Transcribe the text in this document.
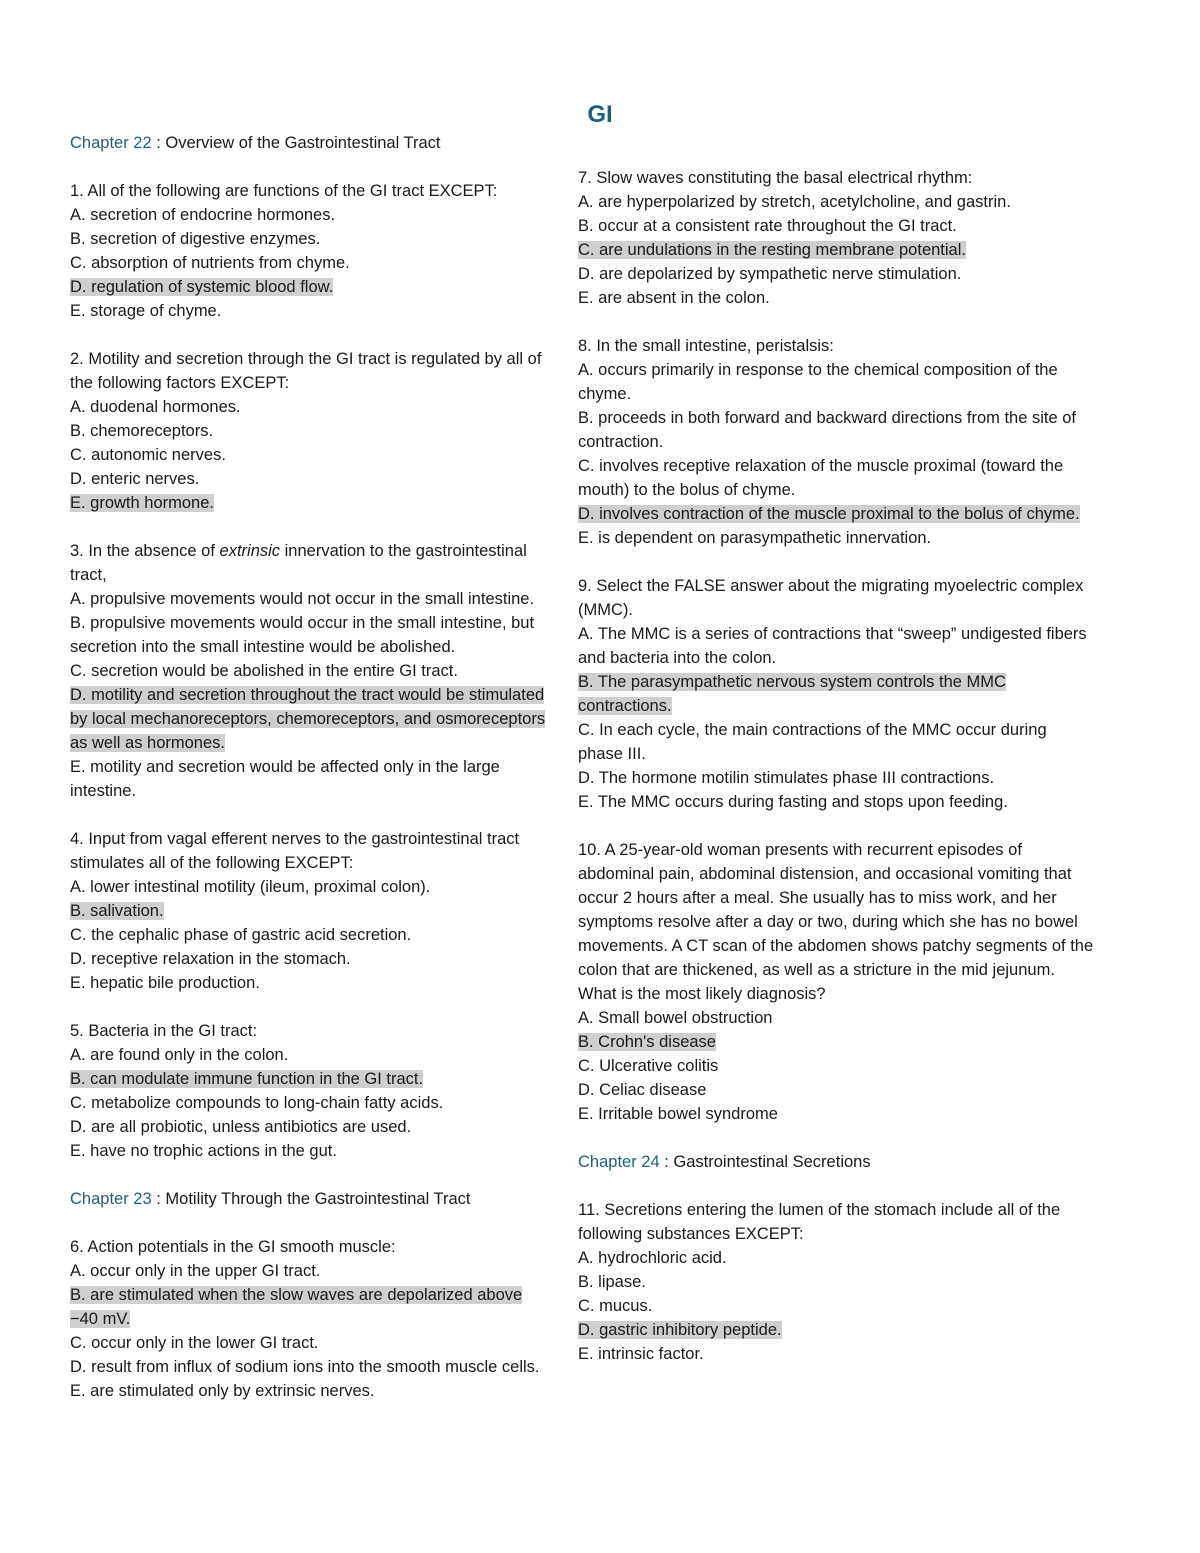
GI

Chapter 22 : Overview of the Gastrointestinal Tract

1. All of the following are functions of the GI tract EXCEPT:

A. secretion of endocrine hormones.

B. secretion of digestive enzymes.

C. absorption of nutrients from chyme.

D. regulation of systemic blood flow.

E. storage of chyme.

2. Motility and secretion through the GI tract is regulated by all of the following factors EXCEPT:

A. duodenal hormones.

B. chemoreceptors.

C. autonomic nerves.

D. enteric nerves.

E. growth hormone.

3. In the absence of extrinsic innervation to the gastrointestinal tract,

A. propulsive movements would not occur in the small intestine.

B. propulsive movements would occur in the small intestine, but secretion into the small intestine would be abolished.

C. secretion would be abolished in the entire GI tract.

D. motility and secretion throughout the tract would be stimulated by local mechanoreceptors, chemoreceptors, and osmoreceptors as well as hormones.

E. motility and secretion would be affected only in the large intestine.

4. Input from vagal efferent nerves to the gastrointestinal tract stimulates all of the following EXCEPT:

A. lower intestinal motility (ileum, proximal colon).

B. salivation.

C. the cephalic phase of gastric acid secretion.

D. receptive relaxation in the stomach.

E. hepatic bile production.

5. Bacteria in the GI tract:

A. are found only in the colon.

B. can modulate immune function in the GI tract.

C. metabolize compounds to long-chain fatty acids.

D. are all probiotic, unless antibiotics are used.

E. have no trophic actions in the gut.

Chapter 23 : Motility Through the Gastrointestinal Tract

6. Action potentials in the GI smooth muscle:

A. occur only in the upper GI tract.

B. are stimulated when the slow waves are depolarized above −40 mV.

C. occur only in the lower GI tract.

D. result from influx of sodium ions into the smooth muscle cells.

E. are stimulated only by extrinsic nerves.

7. Slow waves constituting the basal electrical rhythm:

A. are hyperpolarized by stretch, acetylcholine, and gastrin.

B. occur at a consistent rate throughout the GI tract.

C. are undulations in the resting membrane potential.

D. are depolarized by sympathetic nerve stimulation.

E. are absent in the colon.

8. In the small intestine, peristalsis:

A. occurs primarily in response to the chemical composition of the chyme.

B. proceeds in both forward and backward directions from the site of contraction.

C. involves receptive relaxation of the muscle proximal (toward the mouth) to the bolus of chyme.

D. involves contraction of the muscle proximal to the bolus of chyme.

E. is dependent on parasympathetic innervation.

9. Select the FALSE answer about the migrating myoelectric complex (MMC).

A. The MMC is a series of contractions that “sweep” undigested fibers and bacteria into the colon.

B. The parasympathetic nervous system controls the MMC contractions.

C. In each cycle, the main contractions of the MMC occur during phase III.

D. The hormone motilin stimulates phase III contractions.

E. The MMC occurs during fasting and stops upon feeding.

10. A 25-year-old woman presents with recurrent episodes of abdominal pain, abdominal distension, and occasional vomiting that occur 2 hours after a meal. She usually has to miss work, and her symptoms resolve after a day or two, during which she has no bowel movements. A CT scan of the abdomen shows patchy segments of the colon that are thickened, as well as a stricture in the mid jejunum. What is the most likely diagnosis?

A. Small bowel obstruction

B. Crohn's disease

C. Ulcerative colitis

D. Celiac disease

E. Irritable bowel syndrome

Chapter 24 : Gastrointestinal Secretions

11. Secretions entering the lumen of the stomach include all of the following substances EXCEPT:

A. hydrochloric acid.

B. lipase.

C. mucus.

D. gastric inhibitory peptide.

E. intrinsic factor.
